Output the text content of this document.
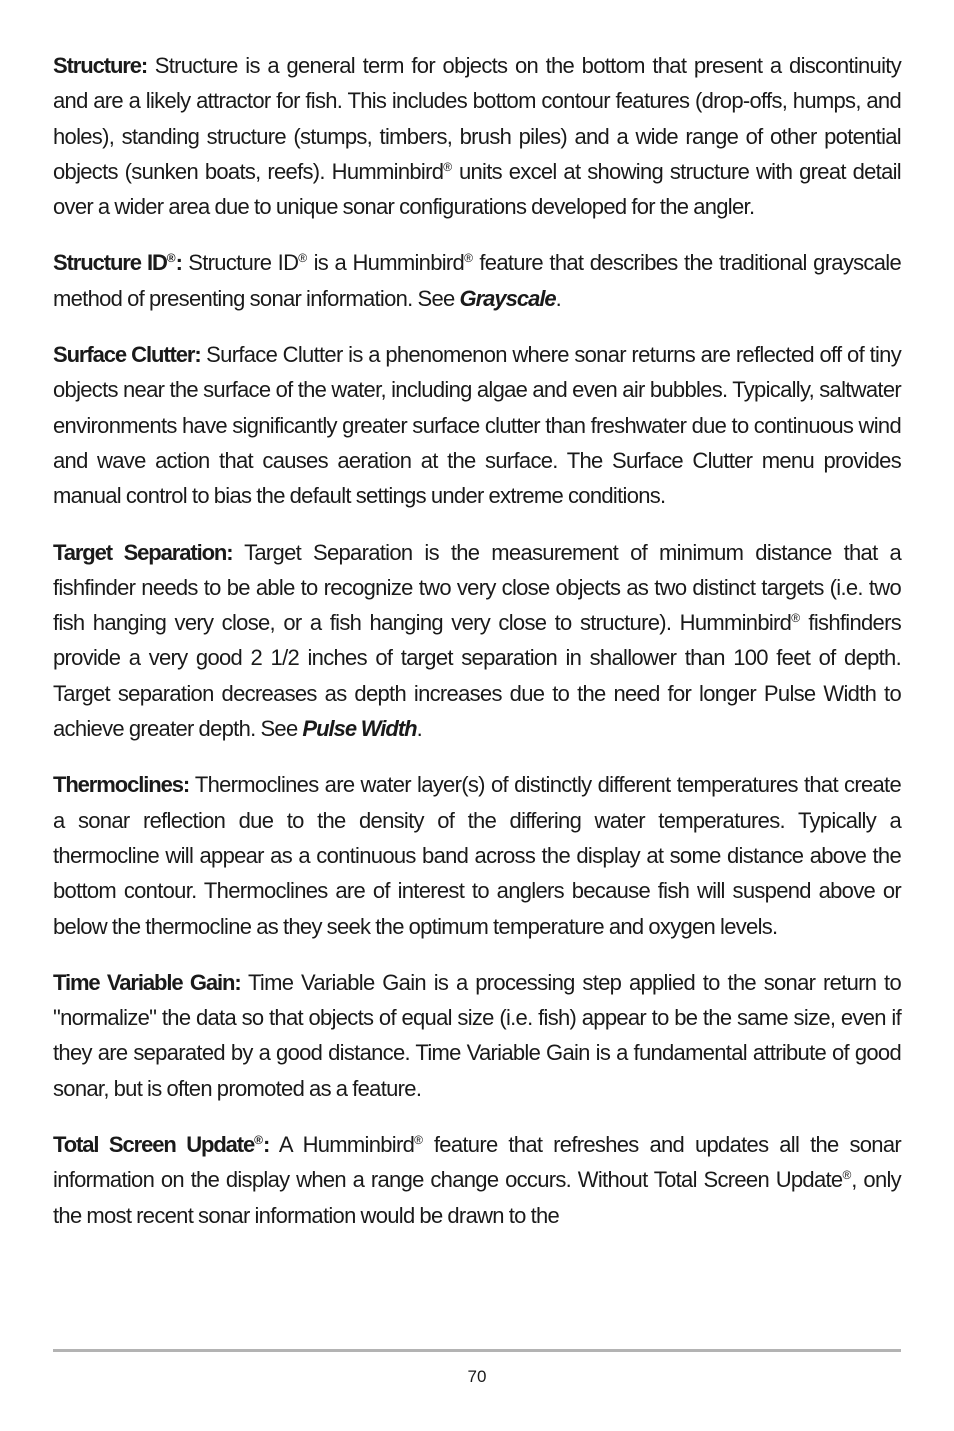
Structure: Structure is a general term for objects on the bottom that present a discontinuity and are a likely attractor for fish. This includes bottom contour features (drop-offs, humps, and holes), standing structure (stumps, timbers, brush piles) and a wide range of other potential objects (sunken boats, reefs). Humminbird® units excel at showing structure with great detail over a wider area due to unique sonar configurations developed for the angler.

Structure ID®: Structure ID® is a Humminbird® feature that describes the traditional grayscale method of presenting sonar information. See Grayscale.

Surface Clutter: Surface Clutter is a phenomenon where sonar returns are reflected off of tiny objects near the surface of the water, including algae and even air bubbles. Typically, saltwater environments have significantly greater surface clutter than freshwater due to continuous wind and wave action that causes aeration at the surface. The Surface Clutter menu provides manual control to bias the default settings under extreme conditions.

Target Separation: Target Separation is the measurement of minimum distance that a fishfinder needs to be able to recognize two very close objects as two distinct targets (i.e. two fish hanging very close, or a fish hanging very close to structure). Humminbird® fishfinders provide a very good 2 1/2 inches of target separation in shallower than 100 feet of depth.   Target separation decreases as depth increases due to the need for longer Pulse Width to achieve greater depth. See Pulse Width.

Thermoclines: Thermoclines are water layer(s) of distinctly different temperatures that create a sonar reflection due to the density of the differing water temperatures. Typically a thermocline will appear as a continuous band across the display at some distance above the bottom contour. Thermoclines are of interest to anglers because fish will suspend above or below the thermocline as they seek the optimum temperature and oxygen levels.

Time Variable Gain: Time Variable Gain is a processing step applied to the sonar return to "normalize" the data so that objects of equal size (i.e. fish) appear to be the same size, even if they are separated by a good distance. Time Variable Gain is a fundamental attribute of good sonar, but is often promoted as a feature.

Total Screen Update®: A Humminbird® feature that refreshes and updates all the sonar information on the display when a range change occurs. Without Total Screen Update®, only the most recent sonar information would be drawn to the

70
